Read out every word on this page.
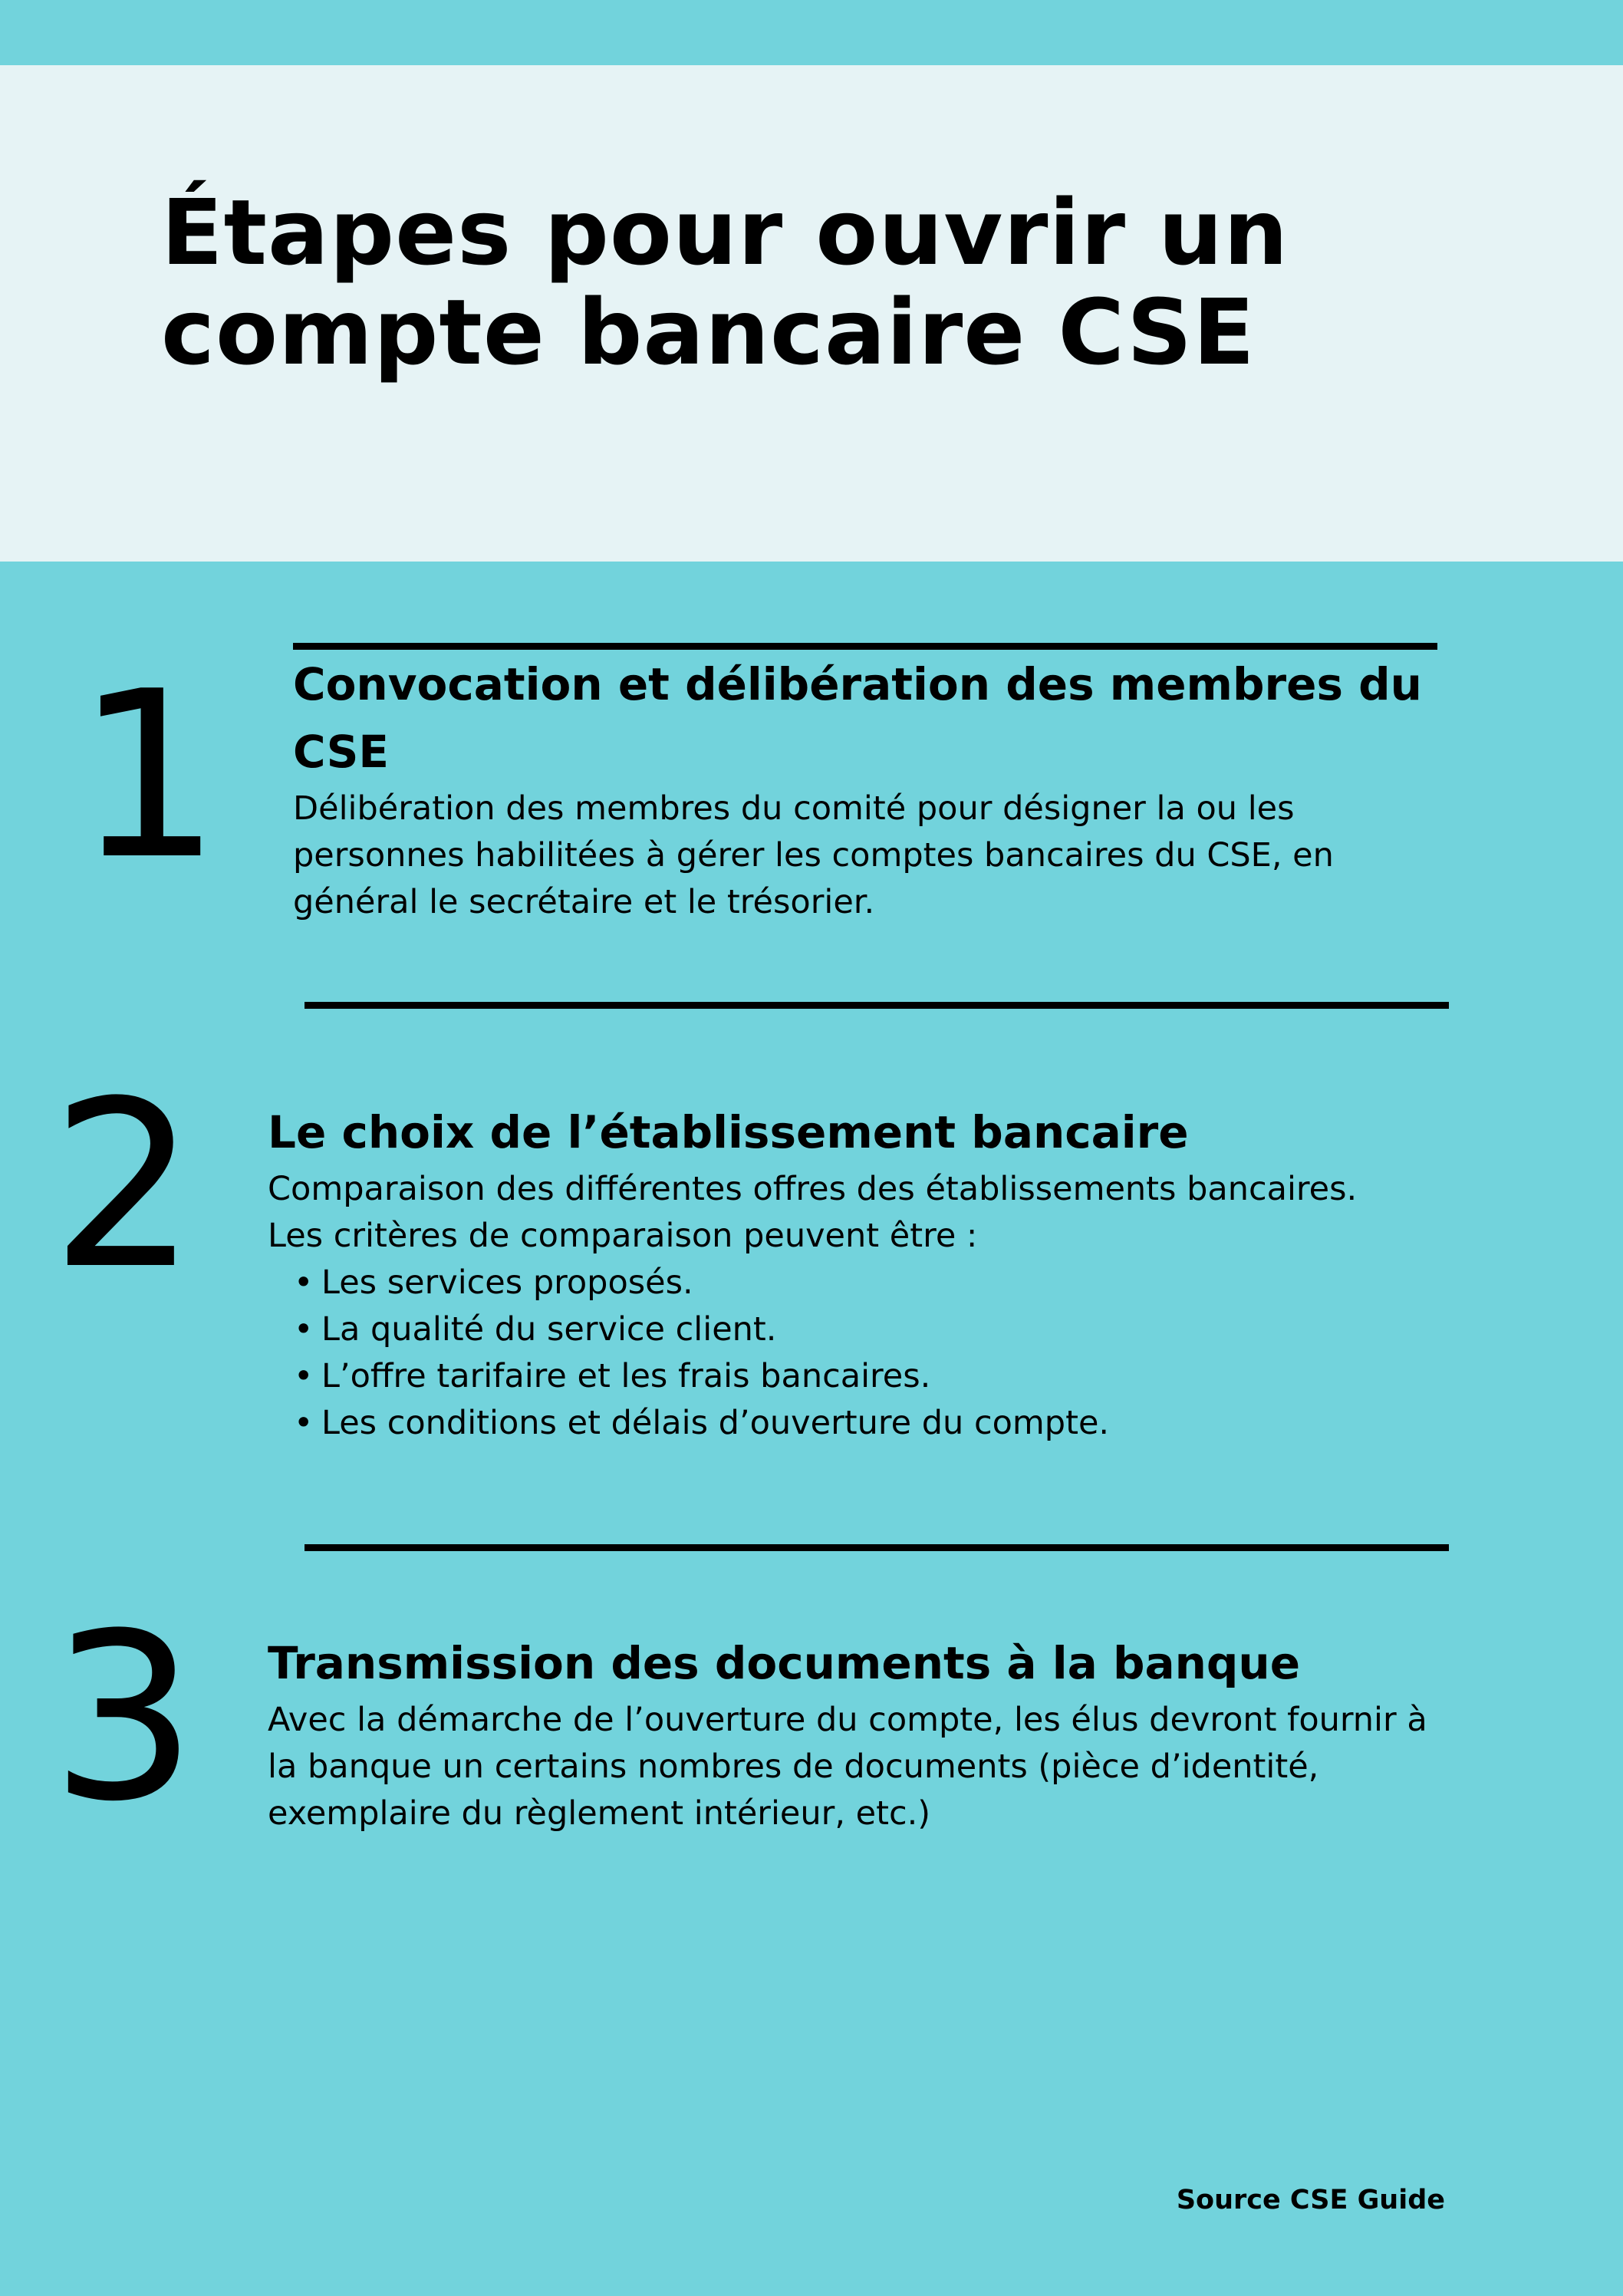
Étapes pour ouvrir un
compte bancaire CSE
1 Convocation et délibération des membres du CSE

Délibération des membres du comité pour désigner la ou les
personnes habilitées à gérer les comptes bancaires du CSE, en
général le secrétaire et le trésorier.

2 Le choix de l’établissement bancaire

Comparaison des différentes offres des établissements bancaires.
Les critères de comparaison peuvent être :

• Les services proposés.
• La qualité du service client.
• L’offre tarifaire et les frais bancaires.
• Les conditions et délais d’ouverture du compte.
3 Transmission des documents à la banque

Avec la démarche de l’ouverture du compte, les élus devront fournir à
la banque un certains nombres de documents (pièce d’identité,
exemplaire du règlement intérieur, etc.)

Source CSE Guide
